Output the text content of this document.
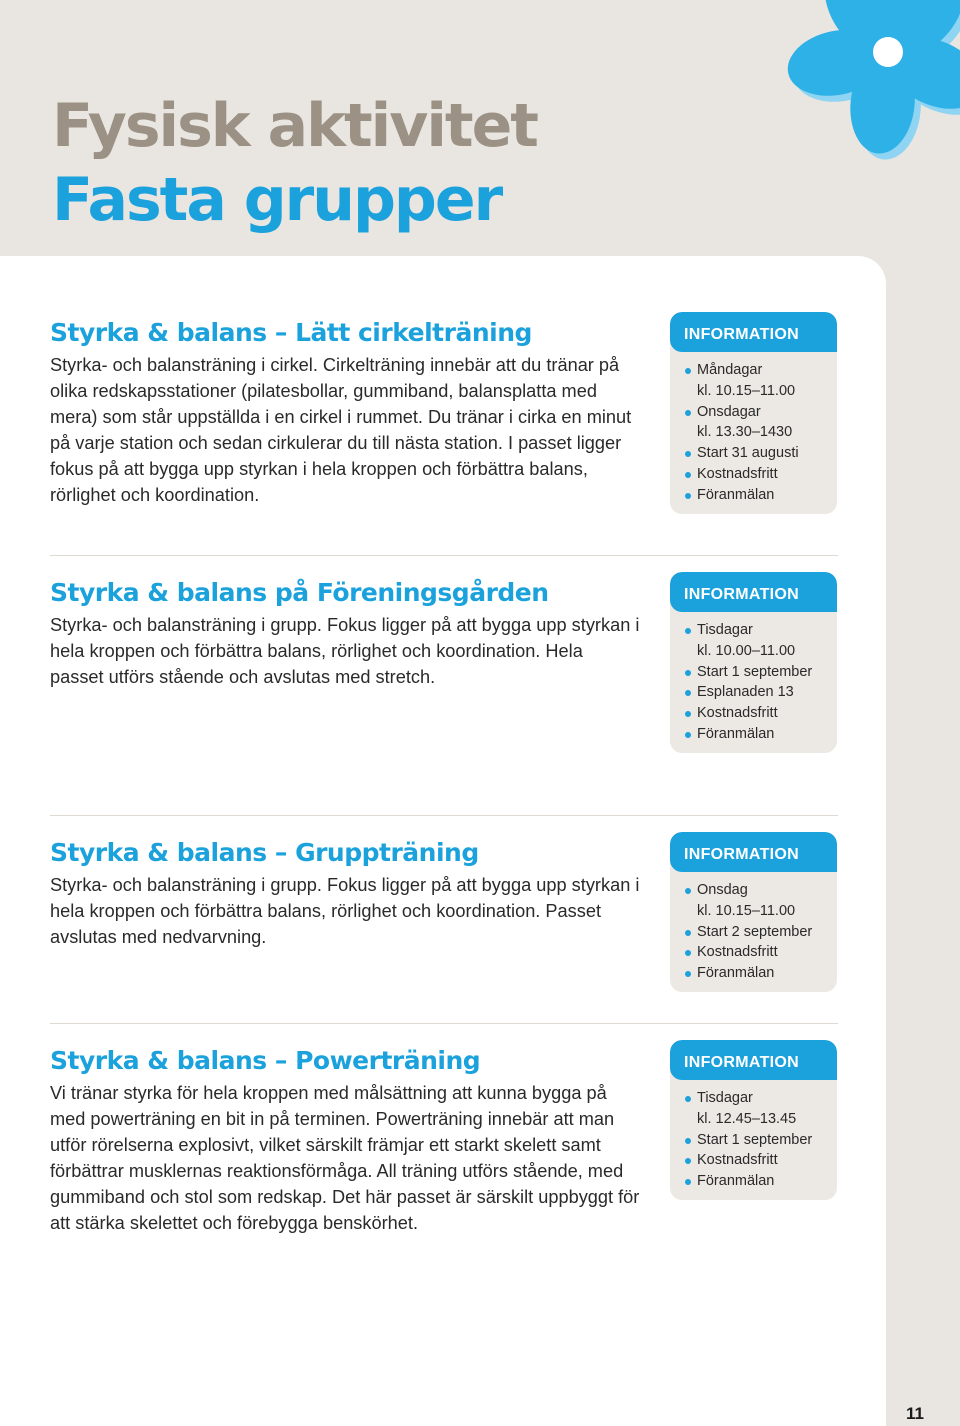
Fysisk aktivitet
Fasta grupper
Styrka & balans – Lätt cirkelträning

Styrka- och balansträning i cirkel. Cirkelträning innebär att du tränar på olika redskapsstationer (pilatesbollar, gummiband, balansplatta med mera) som står uppställda i en cirkel i rummet. Du tränar i cirka en minut på varje station och sedan cirkulerar du till nästa station. I passet ligger fokus på att bygga upp styrkan i hela kroppen och förbättra balans, rörlighet och koordination.

INFORMATION
Måndagar
kl. 10.15–11.00
Onsdagar
kl. 13.30–1430
Start 31 augusti
Kostnadsfritt
Föranmälan
Styrka & balans på Föreningsgården

Styrka- och balansträning i grupp. Fokus ligger på att bygga upp styrkan i hela kroppen och förbättra balans, rörlighet och koordination. Hela passet utförs stående och avslutas med stretch.

INFORMATION
Tisdagar
kl. 10.00–11.00
Start 1 september
Esplanaden 13
Kostnadsfritt
Föranmälan
Styrka & balans – Gruppträning

Styrka- och balansträning i grupp. Fokus ligger på att bygga upp styrkan i hela kroppen och förbättra balans, rörlighet och koordination. Passet avslutas med nedvarvning.

INFORMATION
Onsdag
kl. 10.15–11.00
Start 2 september
Kostnadsfritt
Föranmälan
Styrka & balans – Powerträning

Vi tränar styrka för hela kroppen med målsättning att kunna bygga på med powerträning en bit in på terminen. Powerträning innebär att man utför rörelserna explosivt, vilket särskilt främjar ett starkt skelett samt förbättrar musklernas reaktionsförmåga. All träning utförs stående, med gummiband och stol som redskap. Det här passet är särskilt uppbyggt för att stärka skelettet och förebygga benskörhet.

INFORMATION
Tisdagar
kl. 12.45–13.45
Start 1 september
Kostnadsfritt
Föranmälan
11
